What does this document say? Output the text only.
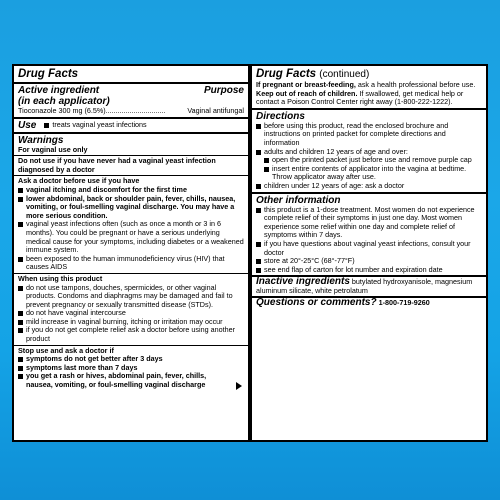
Drug Facts
Active ingredient	Purpose
(in each applicator)
Tioconazole 300 mg (6.5%) ..............................	Vaginal antifungal
Use treats vaginal yeast infections
Warnings
For vaginal use only
Do not use if you have never had a vaginal yeast infection diagnosed by a doctor
Ask a doctor before use if you have
vaginal itching and discomfort for the first time
lower abdominal, back or shoulder pain, fever, chills, nausea, vomiting, or foul-smelling vaginal discharge. You may have a more serious condition.
vaginal yeast infections often (such as once a month or 3 in 6 months). You could be pregnant or have a serious underlying medical cause for your symptoms, including diabetes or a weakened immune system.
been exposed to the human immunodeficiency virus (HIV) that causes AIDS
When using this product
do not use tampons, douches, spermicides, or other vaginal products. Condoms and diaphragms may be damaged and fail to prevent pregnancy or sexually transmitted disease (STDs).
do not have vaginal intercourse
mild increase in vaginal burning, itching or irritation may occur
if you do not get complete relief ask a doctor before using another product
Stop use and ask a doctor if
symptoms do not get better after 3 days
symptoms last more than 7 days
you get a rash or hives, abdominal pain, fever, chills, nausea, vomiting, or foul-smelling vaginal discharge
Drug Facts (continued)
If pregnant or breast-feeding, ask a health professional before use.
Keep out of reach of children. If swallowed, get medical help or contact a Poison Control Center right away (1-800-222-1222).
Directions
before using this product, read the enclosed brochure and instructions on printed packet for complete directions and information
adults and children 12 years of age and over:
open the printed packet just before use and remove purple cap
insert entire contents of applicator into the vagina at bedtime. Throw applicator away after use.
children under 12 years of age: ask a doctor
Other information
this product is a 1-dose treatment. Most women do not experience complete relief of their symptoms in just one day. Most women experience some relief within one day and complete relief of symptoms within 7 days.
if you have questions about vaginal yeast infections, consult your doctor
store at 20°-25°C (68°-77°F)
see end flap of carton for lot number and expiration date
Inactive ingredients butylated hydroxyanisole, magnesium aluminum silicate, white petrolatum
Questions or comments? 1-800-719-9260
